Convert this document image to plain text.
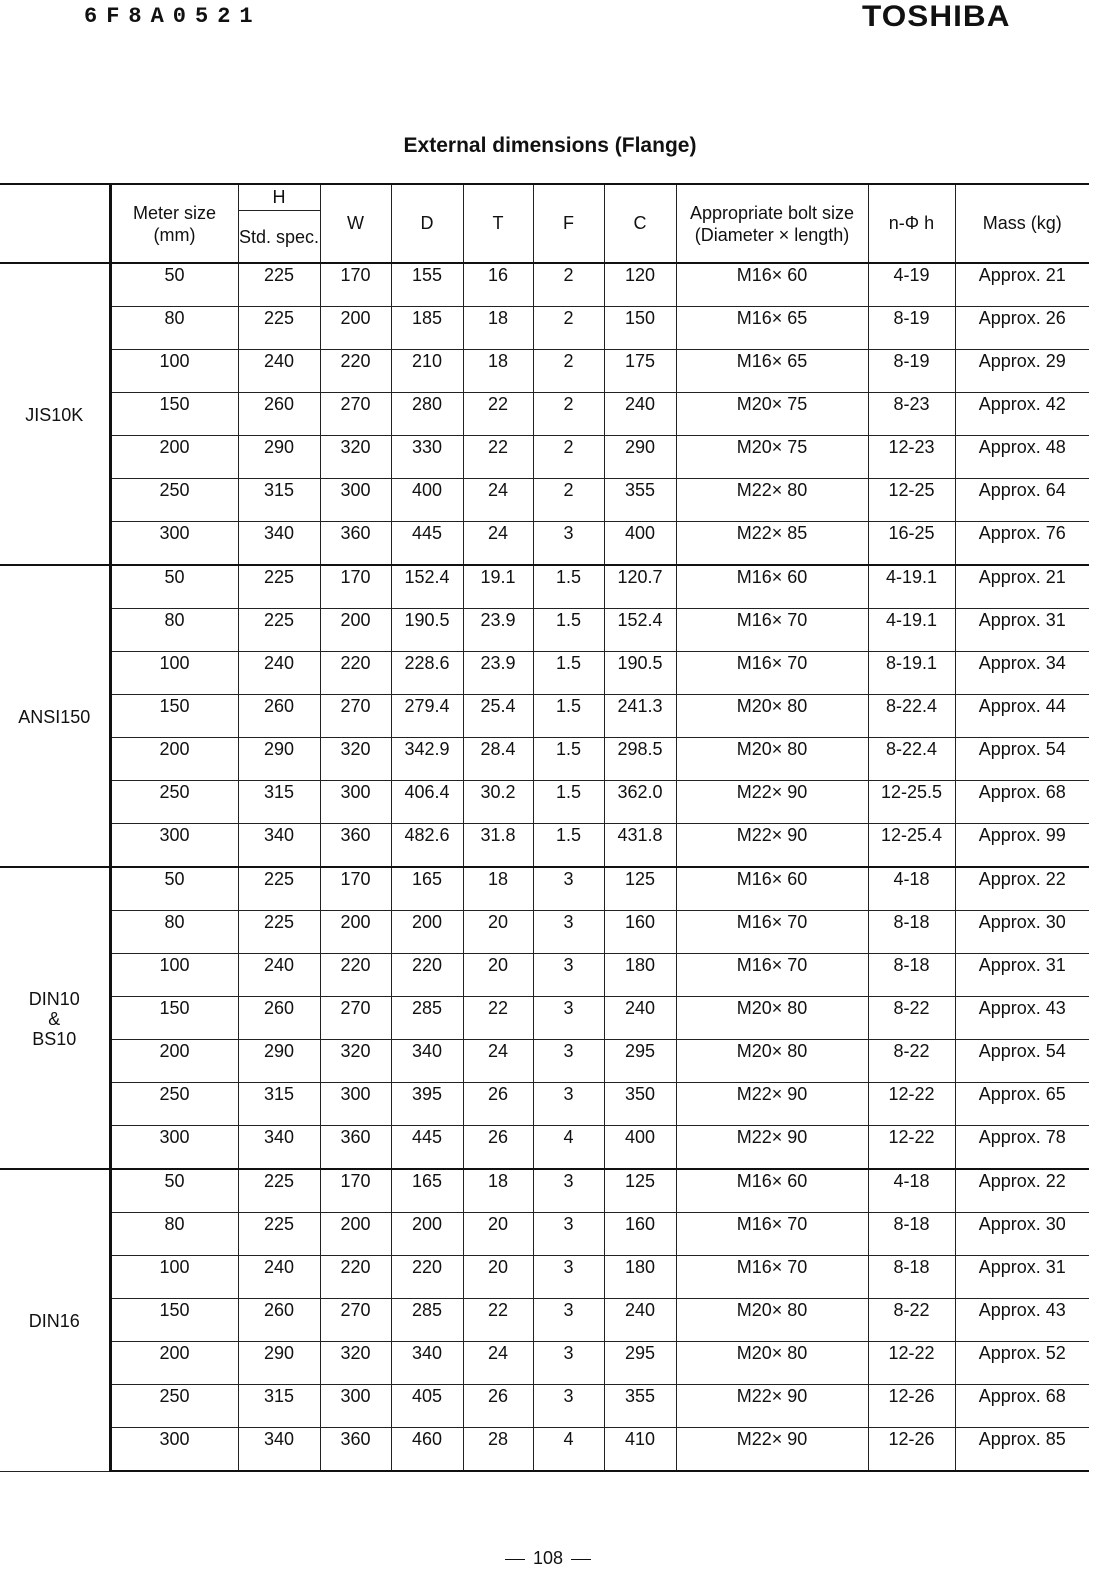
6F8A0521	TOSHIBA
External dimensions (Flange)
	Meter size (mm)	H	W	D	T	F	C	Appropriate bolt size (Diameter × length)	n-Φ h	Mass (kg)
		Std. spec.								
JIS10K	50	225	170	155	16	2	120	M16× 60	4-19	Approx. 21
	80	225	200	185	18	2	150	M16× 65	8-19	Approx. 26
	100	240	220	210	18	2	175	M16× 65	8-19	Approx. 29
	150	260	270	280	22	2	240	M20× 75	8-23	Approx. 42
	200	290	320	330	22	2	290	M20× 75	12-23	Approx. 48
	250	315	300	400	24	2	355	M22× 80	12-25	Approx. 64
	300	340	360	445	24	3	400	M22× 85	16-25	Approx. 76
ANSI150	50	225	170	152.4	19.1	1.5	120.7	M16× 60	4-19.1	Approx. 21
	80	225	200	190.5	23.9	1.5	152.4	M16× 70	4-19.1	Approx. 31
	100	240	220	228.6	23.9	1.5	190.5	M16× 70	8-19.1	Approx. 34
	150	260	270	279.4	25.4	1.5	241.3	M20× 80	8-22.4	Approx. 44
	200	290	320	342.9	28.4	1.5	298.5	M20× 80	8-22.4	Approx. 54
	250	315	300	406.4	30.2	1.5	362.0	M22× 90	12-25.5	Approx. 68
	300	340	360	482.6	31.8	1.5	431.8	M22× 90	12-25.4	Approx. 99
DIN10
&
BS10	50	225	170	165	18	3	125	M16× 60	4-18	Approx. 22
	80	225	200	200	20	3	160	M16× 70	8-18	Approx. 30
	100	240	220	220	20	3	180	M16× 70	8-18	Approx. 31
	150	260	270	285	22	3	240	M20× 80	8-22	Approx. 43
	200	290	320	340	24	3	295	M20× 80	8-22	Approx. 54
	250	315	300	395	26	3	350	M22× 90	12-22	Approx. 65
	300	340	360	445	26	4	400	M22× 90	12-22	Approx. 78
DIN16	50	225	170	165	18	3	125	M16× 60	4-18	Approx. 22
	80	225	200	200	20	3	160	M16× 70	8-18	Approx. 30
	100	240	220	220	20	3	180	M16× 70	8-18	Approx. 31
	150	260	270	285	22	3	240	M20× 80	8-22	Approx. 43
	200	290	320	340	24	3	295	M20× 80	12-22	Approx. 52
	250	315	300	405	26	3	355	M22× 90	12-26	Approx. 68
	300	340	360	460	28	4	410	M22× 90	12-26	Approx. 85
108
